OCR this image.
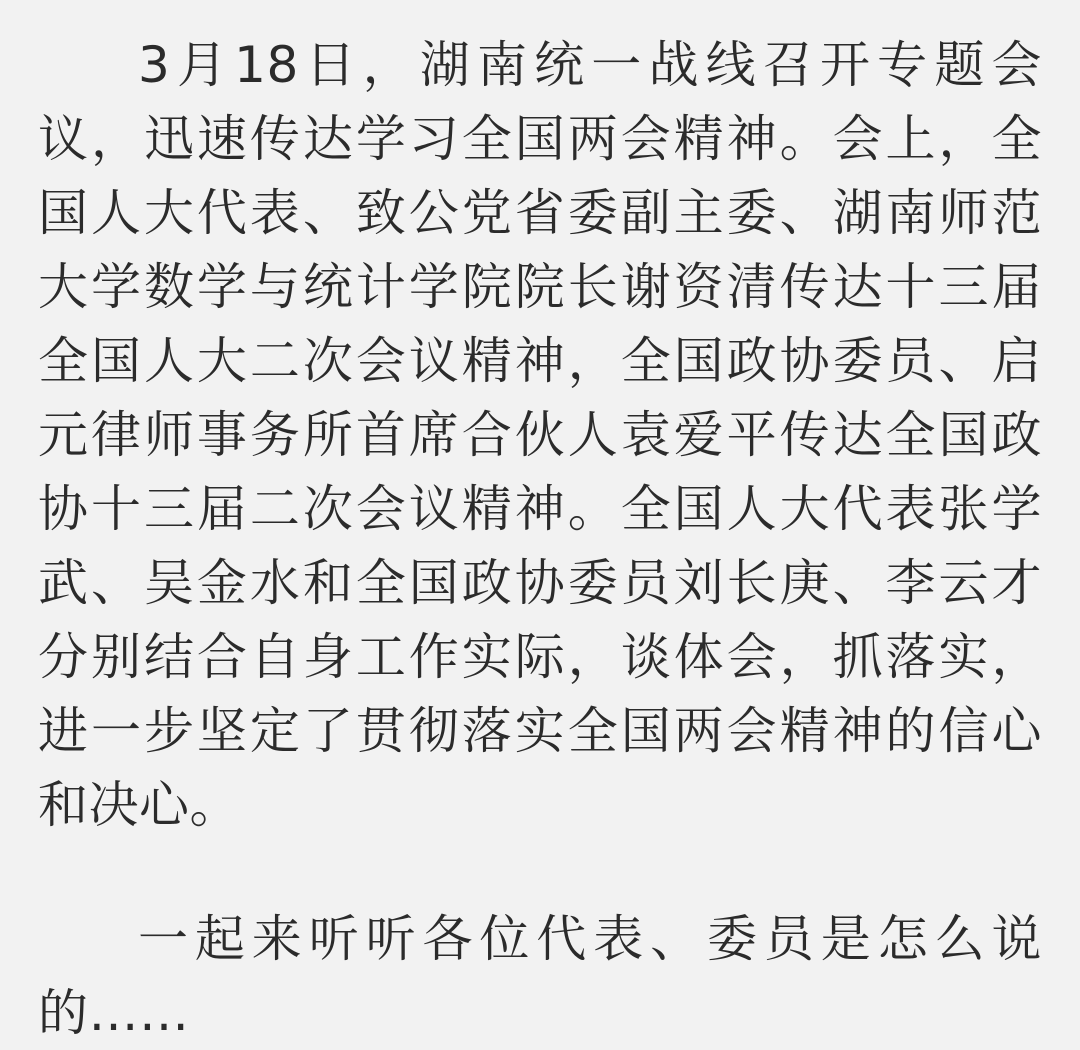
3月18日，湖南统一战线召开专题会议，迅速传达学习全国两会精神。会上，全国人大代表、致公党省委副主委、湖南师范大学数学与统计学院院长谢资清传达十三届全国人大二次会议精神，全国政协委员、启元律师事务所首席合伙人袁爱平传达全国政协十三届二次会议精神。全国人大代表张学武、吴金水和全国政协委员刘长庚、李云才分别结合自身工作实际，谈体会，抓落实，进一步坚定了贯彻落实全国两会精神的信心和决心。

一起来听听各位代表、委员是怎么说的……
